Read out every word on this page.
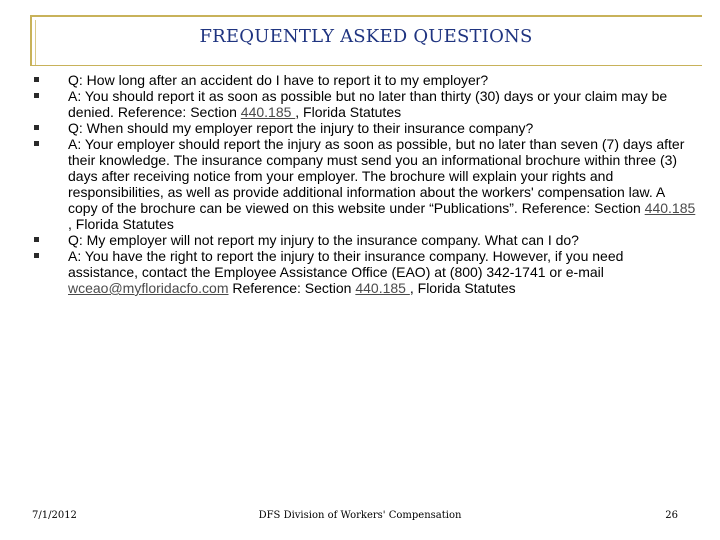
FREQUENTLY ASKED QUESTIONS
Q: How long after an accident do I have to report it to my employer?
A: You should report it as soon as possible but no later than thirty (30) days or your claim may be denied. Reference: Section 440.185 , Florida Statutes
Q: When should my employer report the injury to their insurance company?
A: Your employer should report the injury as soon as possible, but no later than seven (7) days after their knowledge. The insurance company must send you an informational brochure within three (3) days after receiving notice from your employer. The brochure will explain your rights and responsibilities, as well as provide additional information about the workers' compensation law. A copy of the brochure can be viewed on this website under “Publications”. Reference: Section 440.185 , Florida Statutes
Q: My employer will not report my injury to the insurance company. What can I do?
A: You have the right to report the injury to their insurance company. However, if you need assistance, contact the Employee Assistance Office (EAO) at (800) 342-1741 or e-mail wceao@myfloridacfo.com Reference: Section 440.185 , Florida Statutes
7/1/2012	DFS Division of Workers' Compensation	26
